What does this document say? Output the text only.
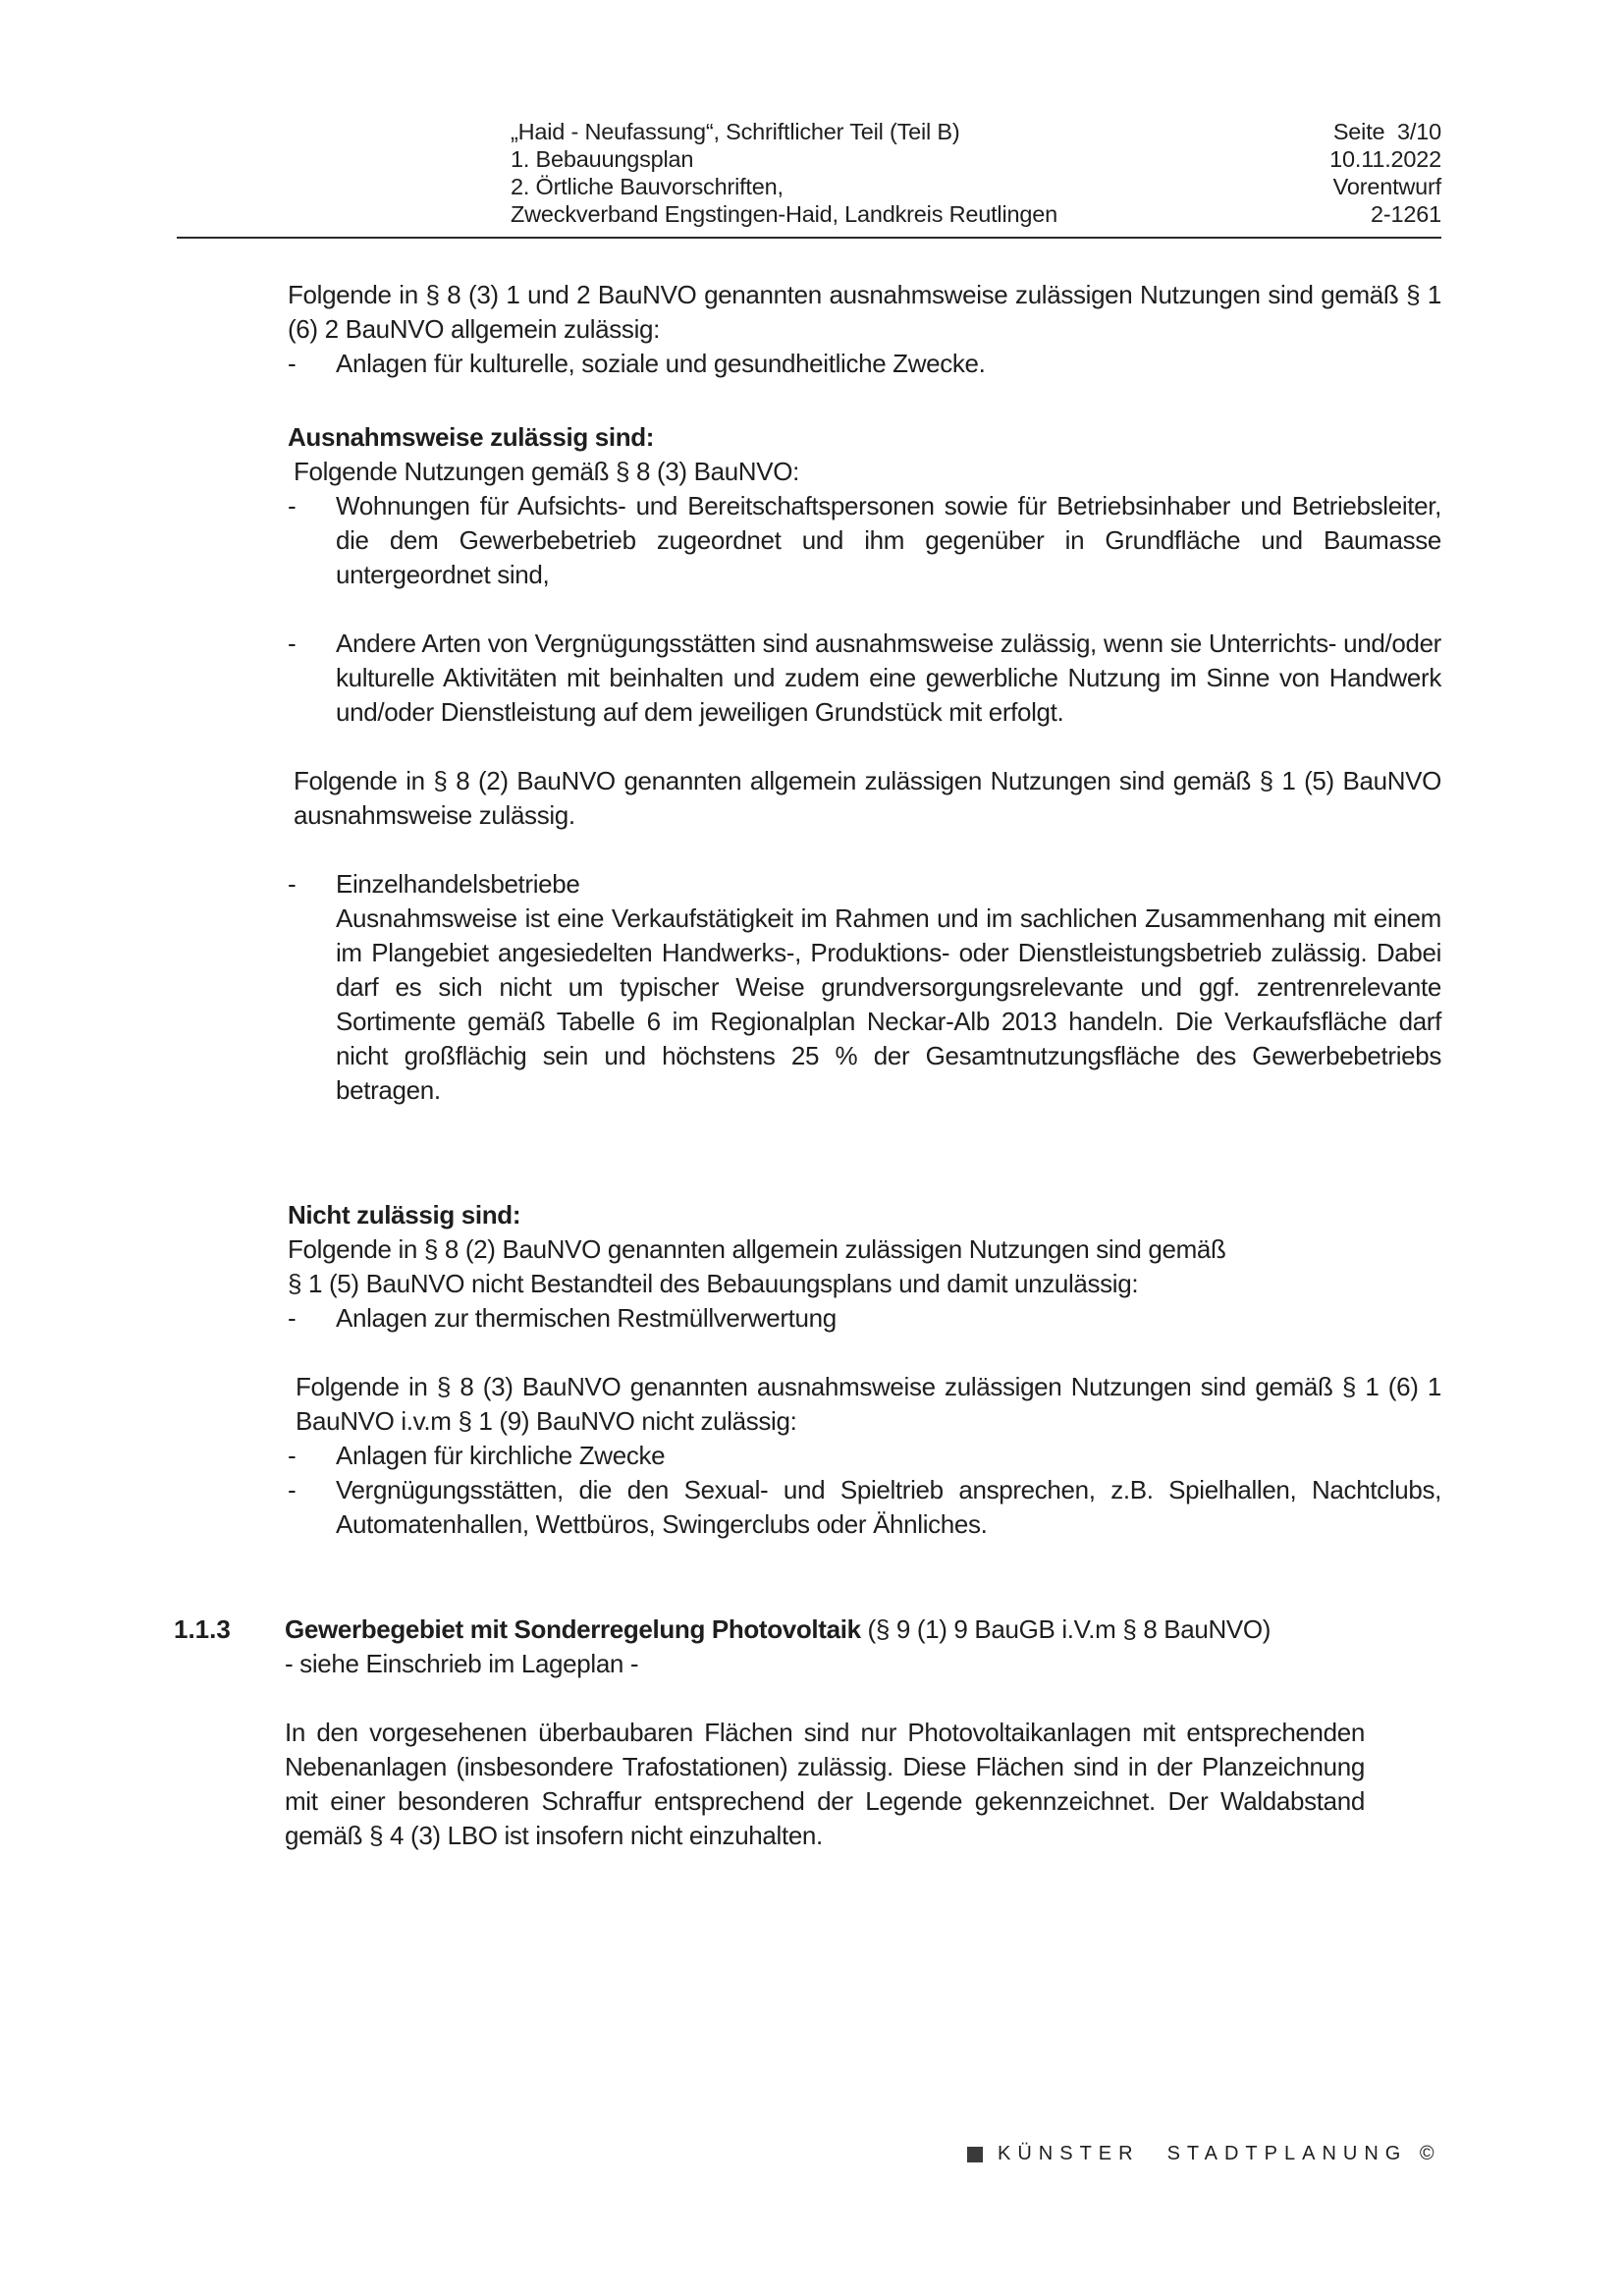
„Haid - Neufassung“, Schriftlicher Teil (Teil B)	Seite  3/10
1. Bebauungsplan	10.11.2022
2. Örtliche Bauvorschriften,	Vorentwurf
Zweckverband Engstingen-Haid, Landkreis Reutlingen	2-1261

Folgende in § 8 (3) 1 und 2 BauNVO genannten ausnahmsweise zulässigen Nutzungen sind gemäß § 1 (6) 2 BauNVO allgemein zulässig:

-	Anlagen für kulturelle, soziale und gesundheitliche Zwecke.

Ausnahmsweise zulässig sind:

Folgende Nutzungen gemäß § 8 (3) BauNVO:

-	Wohnungen für Aufsichts- und Bereitschaftspersonen sowie für Betriebsinhaber und Betriebsleiter, die dem Gewerbebetrieb zugeordnet und ihm gegenüber in Grundfläche und Baumasse untergeordnet sind,
-	Andere Arten von Vergnügungsstätten sind ausnahmsweise zulässig, wenn sie Unterrichts- und/oder kulturelle Aktivitäten mit beinhalten und zudem eine gewerbliche Nutzung im Sinne von Handwerk und/oder Dienstleistung auf dem jeweiligen Grundstück mit erfolgt.

Folgende in § 8 (2) BauNVO genannten allgemein zulässigen Nutzungen sind gemäß § 1 (5) BauNVO ausnahmsweise zulässig.

-	Einzelhandelsbetriebe

Ausnahmsweise ist eine Verkaufstätigkeit im Rahmen und im sachlichen Zusammenhang mit einem im Plangebiet angesiedelten Handwerks-, Produktions- oder Dienstleistungsbetrieb zulässig. Dabei darf es sich nicht um typischer Weise grundversorgungsrelevante und ggf. zentrenrelevante Sortimente gemäß Tabelle 6 im Regionalplan Neckar-Alb 2013 handeln. Die Verkaufsfläche darf nicht großflächig sein und höchstens 25 % der Gesamtnutzungsfläche des Gewerbebetriebs betragen.

Nicht zulässig sind:

Folgende in § 8 (2) BauNVO genannten allgemein zulässigen Nutzungen sind gemäß

§ 1 (5) BauNVO nicht Bestandteil des Bebauungsplans und damit unzulässig:

-	Anlagen zur thermischen Restmüllverwertung

Folgende in § 8 (3) BauNVO genannten ausnahmsweise zulässigen Nutzungen sind gemäß § 1 (6) 1 BauNVO i.v.m § 1 (9) BauNVO nicht zulässig:

-	Anlagen für kirchliche Zwecke
-	Vergnügungsstätten, die den Sexual- und Spieltrieb ansprechen, z.B. Spielhallen, Nachtclubs, Automatenhallen, Wettbüros, Swingerclubs oder Ähnliches.
1.1.3 Gewerbegebiet mit Sonderregelung Photovoltaik (§ 9 (1) 9 BauGB i.V.m § 8 BauNVO)

- siehe Einschrieb im Lageplan -

In den vorgesehenen überbaubaren Flächen sind nur Photovoltaikanlagen mit entsprechenden Nebenanlagen (insbesondere Trafostationen) zulässig. Diese Flächen sind in der Planzeichnung mit einer besonderen Schraffur entsprechend der Legende gekennzeichnet. Der Waldabstand gemäß § 4 (3) LBO ist insofern nicht einzuhalten.

KÜNSTER STADTPLANUNG ©
